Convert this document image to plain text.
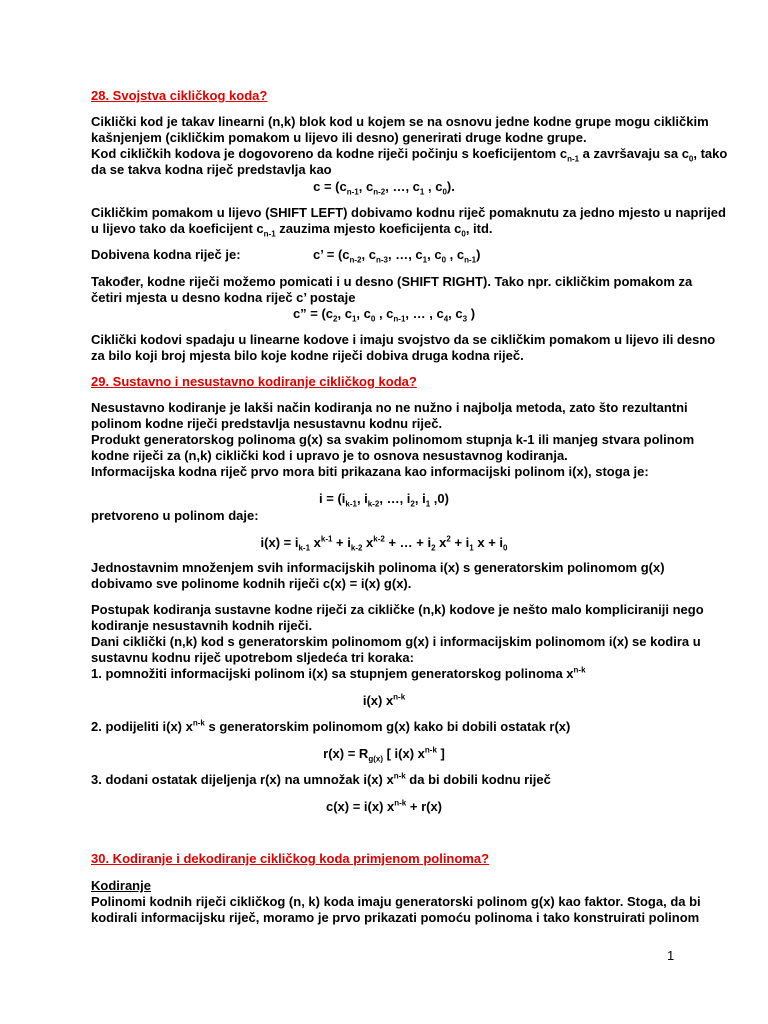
28. Svojstva cikličkog koda?
Ciklički kod je takav linearni (n,k) blok kod u kojem se na osnovu jedne kodne grupe mogu cikličkim
kašnjenjem (cikličkim pomakom u lijevo ili desno) generirati druge kodne grupe.
Kod cikličkih kodova je dogovoreno da kodne riječi počinju s koeficijentom $c_{n-1}$ a završavaju sa $c_0$, tako
da se takva kodna riječ predstavlja kao
$c = (c_{n-1}$, $c_{n-2}$, …, $c_1$ , $c_0$).
Cikličkim pomakom u lijevo (SHIFT LEFT) dobivamo kodnu riječ pomaknutu za jedno mjesto u naprijed
u lijevo tako da koeficijent $c_{n-1}$ zauzima mjesto koeficijenta $c_0$, itd.
Dobivena kodna riječ je:	c’ = ($c_{n-2}$, $c_{n-3}$, …, $c_1$, $c_0$ , $c_{n-1}$)
Također, kodne riječi možemo pomicati i u desno (SHIFT RIGHT). Tako npr. cikličkim pomakom za
četiri mjesta u desno kodna riječ c’ postaje
c” = ($c_2$, $c_1$, $c_0$ , $c_{n-1}$, … , $c_4$, $c_3$ )
Ciklički kodovi spadaju u linearne kodove i imaju svojstvo da se cikličkim pomakom u lijevo ili desno
za bilo koji broj mjesta bilo koje kodne riječi dobiva druga kodna riječ.
29. Sustavno i nesustavno kodiranje cikličkog koda?
Nesustavno kodiranje je lakši način kodiranja no ne nužno i najbolja metoda, zato što rezultantni
polinom kodne riječi predstavlja nesustavnu kodnu riječ.
Produkt generatorskog polinoma g(x) sa svakim polinomom stupnja k-1 ili manjeg stvara polinom
kodne riječi za (n,k) ciklički kod i upravo je to osnova nesustavnog kodiranja.
Informacijska kodna riječ prvo mora biti prikazana kao informacijski polinom i(x), stoga je:
$i = (i_{k-1}$, $i_{k-2}$, …, $i_2$, $i_1$ ,0)
pretvoreno u polinom daje:
$i(x) = i_{k-1}$ $x^{k-1} + i_{k-2}$ $x^{k-2}$ + … + $i_2$ $x^2 + i_1$ $x + i_0$
Jednostavnim množenjem svih informacijskih polinoma i(x) s generatorskim polinomom g(x)
dobivamo sve polinome kodnih riječi c(x) = i(x) g(x).
Postupak kodiranja sustavne kodne riječi za cikličke (n,k) kodove je nešto malo kompliciraniji nego
kodiranje nesustavnih kodnih riječi.
Dani ciklički (n,k) kod s generatorskim polinomom g(x) i informacijskim polinomom i(x) se kodira u
sustavnu kodnu riječ upotrebom sljedeća tri koraka:
1. pomnožiti informacijski polinom i(x) sa stupnjem generatorskog polinoma $x^{n-k}$
i(x) $x^{n-k}$
2. podijeliti i(x) $x^{n-k}$ s generatorskim polinomom g(x) kako bi dobili ostatak r(x)
$r(x) = R_{g(x)}$ [ i(x) $x^{n-k}$ ]
3. dodani ostatak dijeljenja r(x) na umnožak i(x) $x^{n-k}$ da bi dobili kodnu riječ
c(x) = i(x) $x^{n-k} + r(x)$
30. Kodiranje i dekodiranje cikličkog koda primjenom polinoma?
Kodiranje
Polinomi kodnih riječi cikličkog (n, k) koda imaju generatorski polinom g(x) kao faktor. Stoga, da bi
kodirali informacijsku riječ, moramo je prvo prikazati pomoću polinoma i tako konstruirati polinom
1
